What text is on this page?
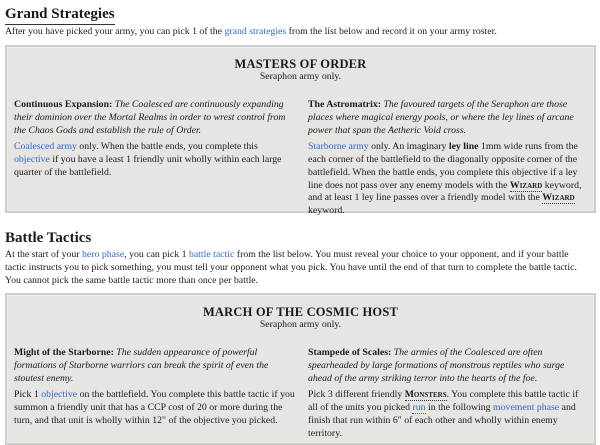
Grand Strategies
After you have picked your army, you can pick 1 of the grand strategies from the list below and record it on your army roster.
MASTERS OF ORDER
Seraphon army only.

Continuous Expansion: The Coalesced are continuously expanding their dominion over the Mortal Realms in order to wrest control from the Chaos Gods and establish the rule of Order.

Coalesced army only. When the battle ends, you complete this objective if you have a least 1 friendly unit wholly within each large quarter of the battlefield.

The Astromatrix: The favoured targets of the Seraphon are those places where magical energy pools, or where the ley lines of arcane power that span the Aetheric Void cross.

Starborne army only. An imaginary ley line 1mm wide runs from the each corner of the battlefield to the diagonally opposite corner of the battlefield. When the battle ends, you complete this objective if a ley line does not pass over any enemy models with the Wizard keyword, and at least 1 ley line passes over a friendly model with the Wizard keyword.

Battle Tactics
At the start of your hero phase, you can pick 1 battle tactic from the list below. You must reveal your choice to your opponent, and if your battle tactic instructs you to pick something, you must tell your opponent what you pick. You have until the end of that turn to complete the battle tactic. You cannot pick the same battle tactic more than once per battle.
MARCH OF THE COSMIC HOST
Seraphon army only.

Might of the Starborne: The sudden appearance of powerful formations of Starborne warriors can break the spirit of even the stoutest enemy.

Pick 1 objective on the battlefield. You complete this battle tactic if you summon a friendly unit that has a CCP cost of 20 or more during the turn, and that unit is wholly within 12" of the objective you picked.

Stampede of Scales: The armies of the Coalesced are often spearheaded by large formations of monstrous reptiles who surge ahead of the army striking terror into the hearts of the foe.

Pick 3 different friendly Monsters. You complete this battle tactic if all of the units you picked run in the following movement phase and finish that run within 6" of each other and wholly within enemy territory.
